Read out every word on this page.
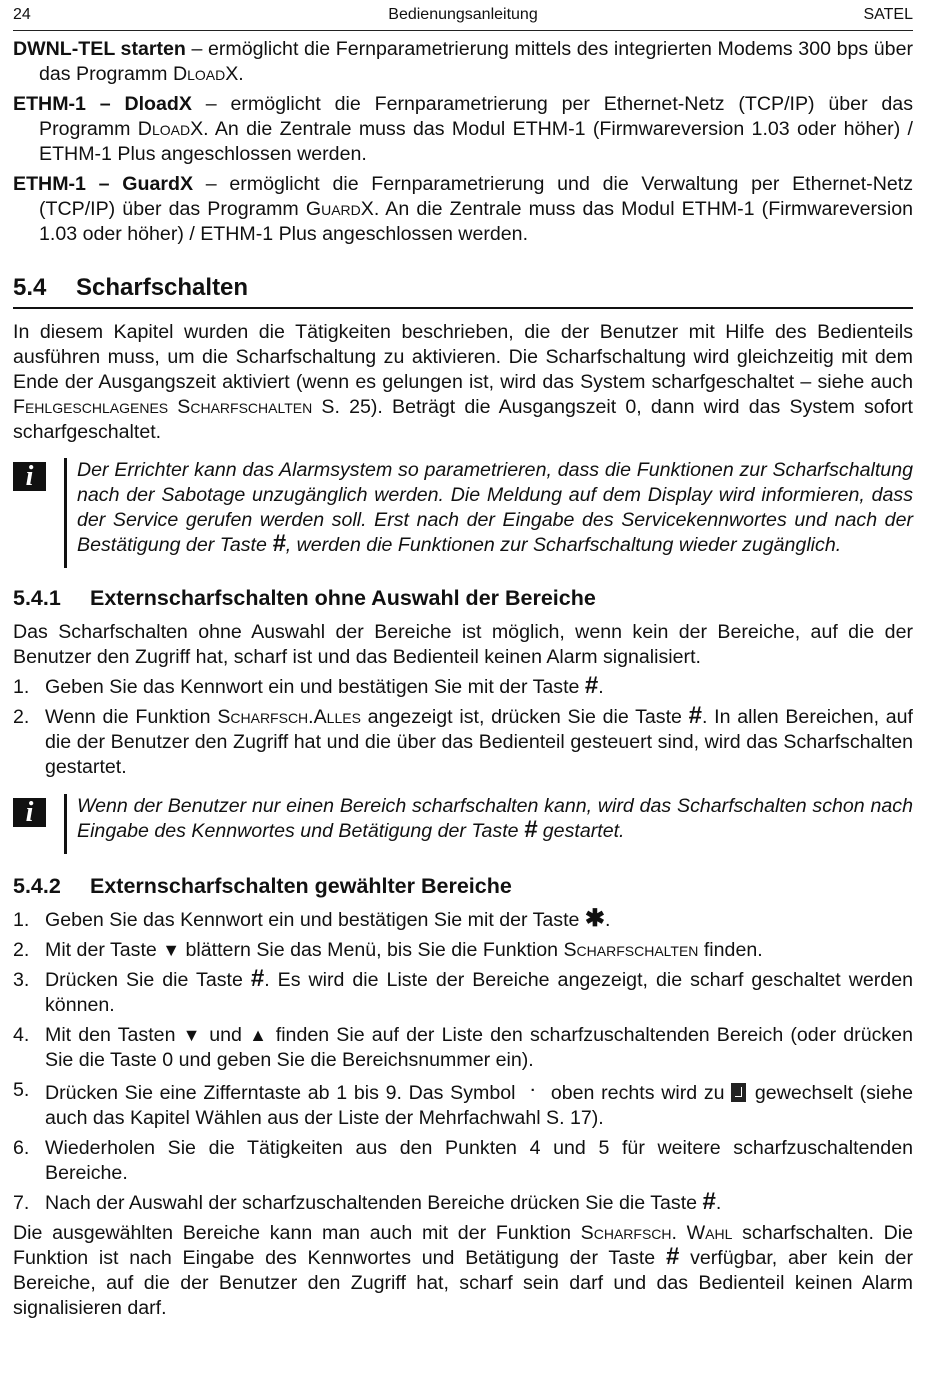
24	Bedienungsanleitung	SATEL
DWNL-TEL starten – ermöglicht die Fernparametrierung mittels des integrierten Modems 300 bps über das Programm DloadX.
ETHM-1 – DloadX – ermöglicht die Fernparametrierung per Ethernet-Netz (TCP/IP) über das Programm DloadX. An die Zentrale muss das Modul ETHM-1 (Firmwareversion 1.03 oder höher) / ETHM-1 Plus angeschlossen werden.
ETHM-1 – GuardX – ermöglicht die Fernparametrierung und die Verwaltung per Ethernet-Netz (TCP/IP) über das Programm GuardX. An die Zentrale muss das Modul ETHM-1 (Firmwareversion 1.03 oder höher) / ETHM-1 Plus angeschlossen werden.
5.4 Scharfschalten

In diesem Kapitel wurden die Tätigkeiten beschrieben, die der Benutzer mit Hilfe des Bedienteils ausführen muss, um die Scharfschaltung zu aktivieren. Die Scharfschaltung wird gleichzeitig mit dem Ende der Ausgangszeit aktiviert (wenn es gelungen ist, wird das System scharfgeschaltet – siehe auch Fehlgeschlagenes Scharfschalten S. 25). Beträgt die Ausgangszeit 0, dann wird das System sofort scharfgeschaltet.

i	Der Errichter kann das Alarmsystem so parametrieren, dass die Funktionen zur Scharfschaltung nach der Sabotage unzugänglich werden. Die Meldung auf dem Display wird informieren, dass der Service gerufen werden soll. Erst nach der Eingabe des Servicekennwortes und nach der Bestätigung der Taste #, werden die Funktionen zur Scharfschaltung wieder zugänglich.

5.4.1 Externscharfschalten ohne Auswahl der Bereiche

Das Scharfschalten ohne Auswahl der Bereiche ist möglich, wenn kein der Bereiche, auf die der Benutzer den Zugriff hat, scharf ist und das Bedienteil keinen Alarm signalisiert.

1. Geben Sie das Kennwort ein und bestätigen Sie mit der Taste #.
2. Wenn die Funktion Scharfsch.Alles angezeigt ist, drücken Sie die Taste #. In allen Bereichen, auf die der Benutzer den Zugriff hat und die über das Bedienteil gesteuert sind, wird das Scharfschalten gestartet.
i	Wenn der Benutzer nur einen Bereich scharfschalten kann, wird das Scharfschalten schon nach Eingabe des Kennwortes und Betätigung der Taste # gestartet.

5.4.2 Externscharfschalten gewählter Bereiche
1. Geben Sie das Kennwort ein und bestätigen Sie mit der Taste ✱.
2. Mit der Taste ▼ blättern Sie das Menü, bis Sie die Funktion Scharfschalten finden.
3. Drücken Sie die Taste #. Es wird die Liste der Bereiche angezeigt, die scharf geschaltet werden können.
4. Mit den Tasten ▼ und ▲ finden Sie auf der Liste den scharfzuschaltenden Bereich (oder drücken Sie die Taste 0 und geben Sie die Bereichsnummer ein).
5. Drücken Sie eine Zifferntaste ab 1 bis 9. Das Symbol · oben rechts wird zu  gewechselt (siehe auch das Kapitel Wählen aus der Liste der Mehrfachwahl S. 17).
6. Wiederholen Sie die Tätigkeiten aus den Punkten 4 und 5 für weitere scharfzuschaltenden Bereiche.
7. Nach der Auswahl der scharfzuschaltenden Bereiche drücken Sie die Taste #.

Die ausgewählten Bereiche kann man auch mit der Funktion Scharfsch. Wahl scharfschalten. Die Funktion ist nach Eingabe des Kennwortes und Betätigung der Taste # verfügbar, aber kein der Bereiche, auf die der Benutzer den Zugriff hat, scharf sein darf und das Bedienteil keinen Alarm signalisieren darf.
